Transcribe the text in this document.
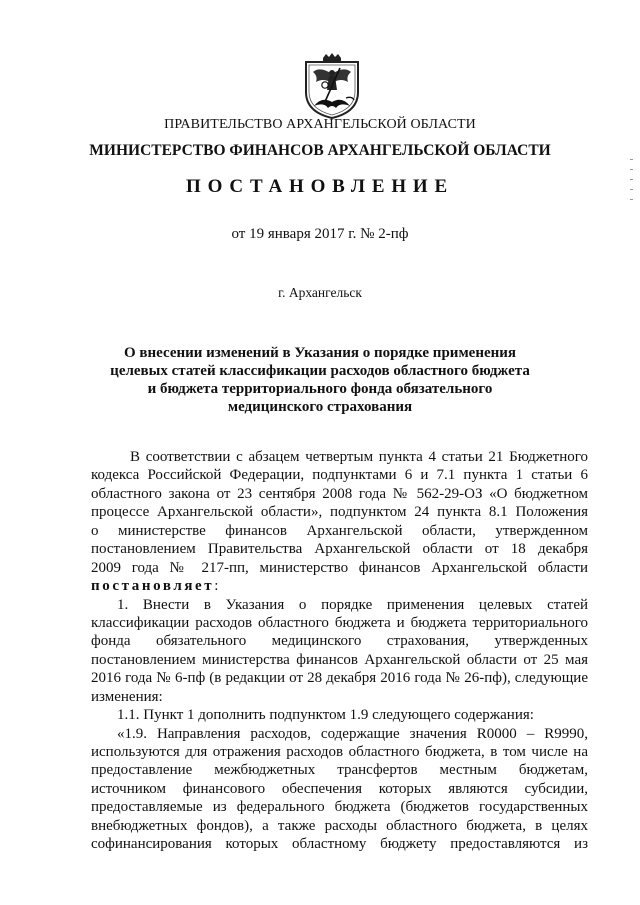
ПРАВИТЕЛЬСТВО АРХАНГЕЛЬСКОЙ ОБЛАСТИ
МИНИСТЕРСТВО ФИНАНСОВ АРХАНГЕЛЬСКОЙ ОБЛАСТИ
ПОСТАНОВЛЕНИЕ
от 19 января 2017 г. № 2-пф
г. Архангельск
О внесении изменений в Указания о порядке применения
целевых статей классификации расходов областного бюджета
и бюджета территориального фонда обязательного
медицинского страхования
В соответствии с абзацем четвертым пункта 4 статьи 21 Бюджетного
кодекса Российской Федерации, подпунктами 6 и 7.1 пункта 1 статьи 6
областного закона от 23 сентября 2008 года № 562-29-ОЗ «О бюджетном
процессе Архангельской области», подпунктом 24 пункта 8.1 Положения
о министерстве финансов Архангельской области, утвержденном
постановлением Правительства Архангельской области от 18 декабря
2009 года № 217-пп, министерство финансов Архангельской области
постановляет:
1. Внести в Указания о порядке применения целевых статей
классификации расходов областного бюджета и бюджета территориального
фонда обязательного медицинского страхования, утвержденных
постановлением министерства финансов Архангельской области от 25 мая
2016 года № 6-пф (в редакции от 28 декабря 2016 года № 26-пф), следующие
изменения:
1.1. Пункт 1 дополнить подпунктом 1.9 следующего содержания:
«1.9. Направления расходов, содержащие значения R0000 – R9990,
используются для отражения расходов областного бюджета, в том числе на
предоставление межбюджетных трансфертов местным бюджетам,
источником финансового обеспечения которых являются субсидии,
предоставляемые из федерального бюджета (бюджетов государственных
внебюджетных фондов), а также расходы областного бюджета, в целях
софинансирования которых областному бюджету предоставляются из
